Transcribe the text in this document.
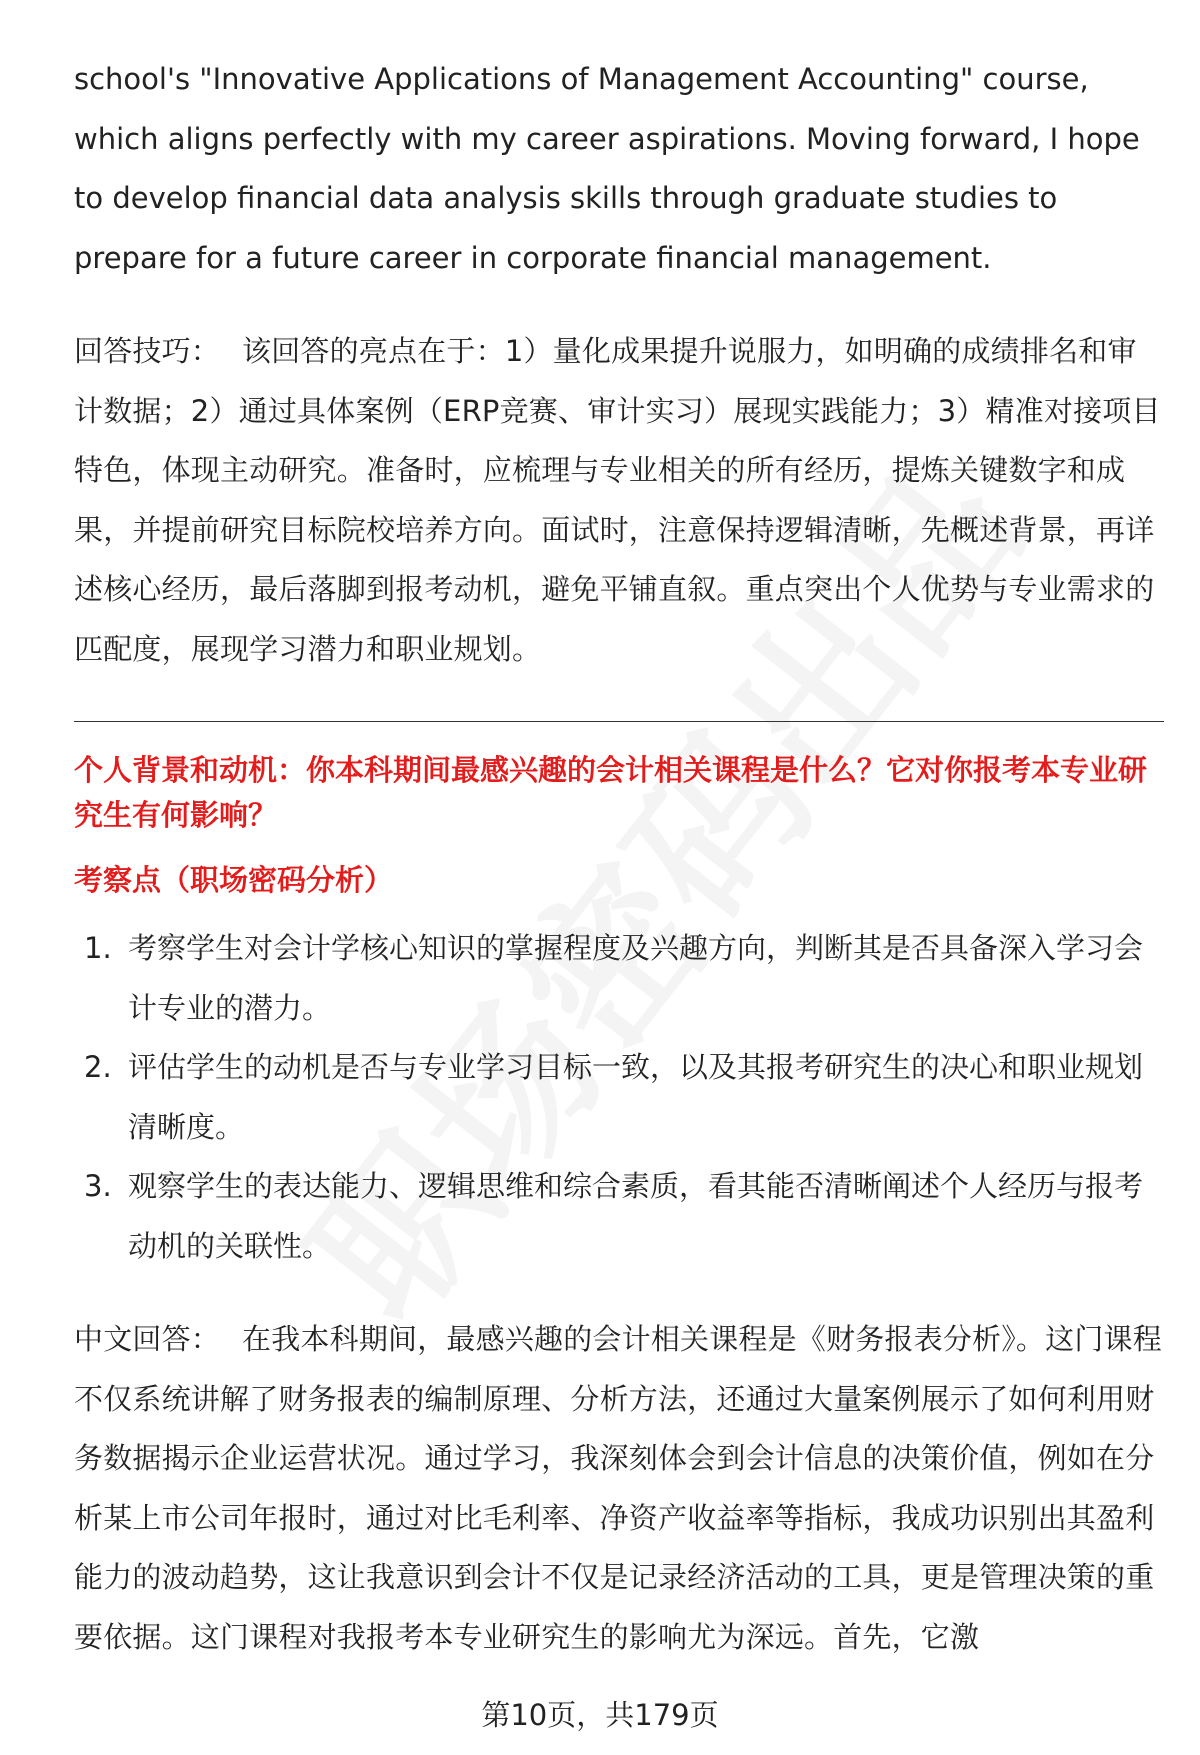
school's "Innovative Applications of Management Accounting" course, which aligns perfectly with my career aspirations. Moving forward, I hope to develop financial data analysis skills through graduate studies to prepare for a future career in corporate financial management.

回答技巧： 该回答的亮点在于：1）量化成果提升说服力，如明确的成绩排名和审计数据；2）通过具体案例（ERP竞赛、审计实习）展现实践能力；3）精准对接项目特色，体现主动研究。准备时，应梳理与专业相关的所有经历，提炼关键数字和成果，并提前研究目标院校培养方向。面试时，注意保持逻辑清晰，先概述背景，再详述核心经历，最后落脚到报考动机，避免平铺直叙。重点突出个人优势与专业需求的匹配度，展现学习潜力和职业规划。

个人背景和动机：你本科期间最感兴趣的会计相关课程是什么？它对你报考本专业研究生有何影响？

考察点（职场密码分析）

1. 考察学生对会计学核心知识的掌握程度及兴趣方向，判断其是否具备深入学习会计专业的潜力。
2. 评估学生的动机是否与专业学习目标一致，以及其报考研究生的决心和职业规划清晰度。
3. 观察学生的表达能力、逻辑思维和综合素质，看其能否清晰阐述个人经历与报考动机的关联性。

中文回答： 在我本科期间，最感兴趣的会计相关课程是《财务报表分析》。这门课程不仅系统讲解了财务报表的编制原理、分析方法，还通过大量案例展示了如何利用财务数据揭示企业运营状况。通过学习，我深刻体会到会计信息的决策价值，例如在分析某上市公司年报时，通过对比毛利率、净资产收益率等指标，我成功识别出其盈利能力的波动趋势，这让我意识到会计不仅是记录经济活动的工具，更是管理决策的重要依据。这门课程对我报考本专业研究生的影响尤为深远。首先，它激

第10页，共179页
